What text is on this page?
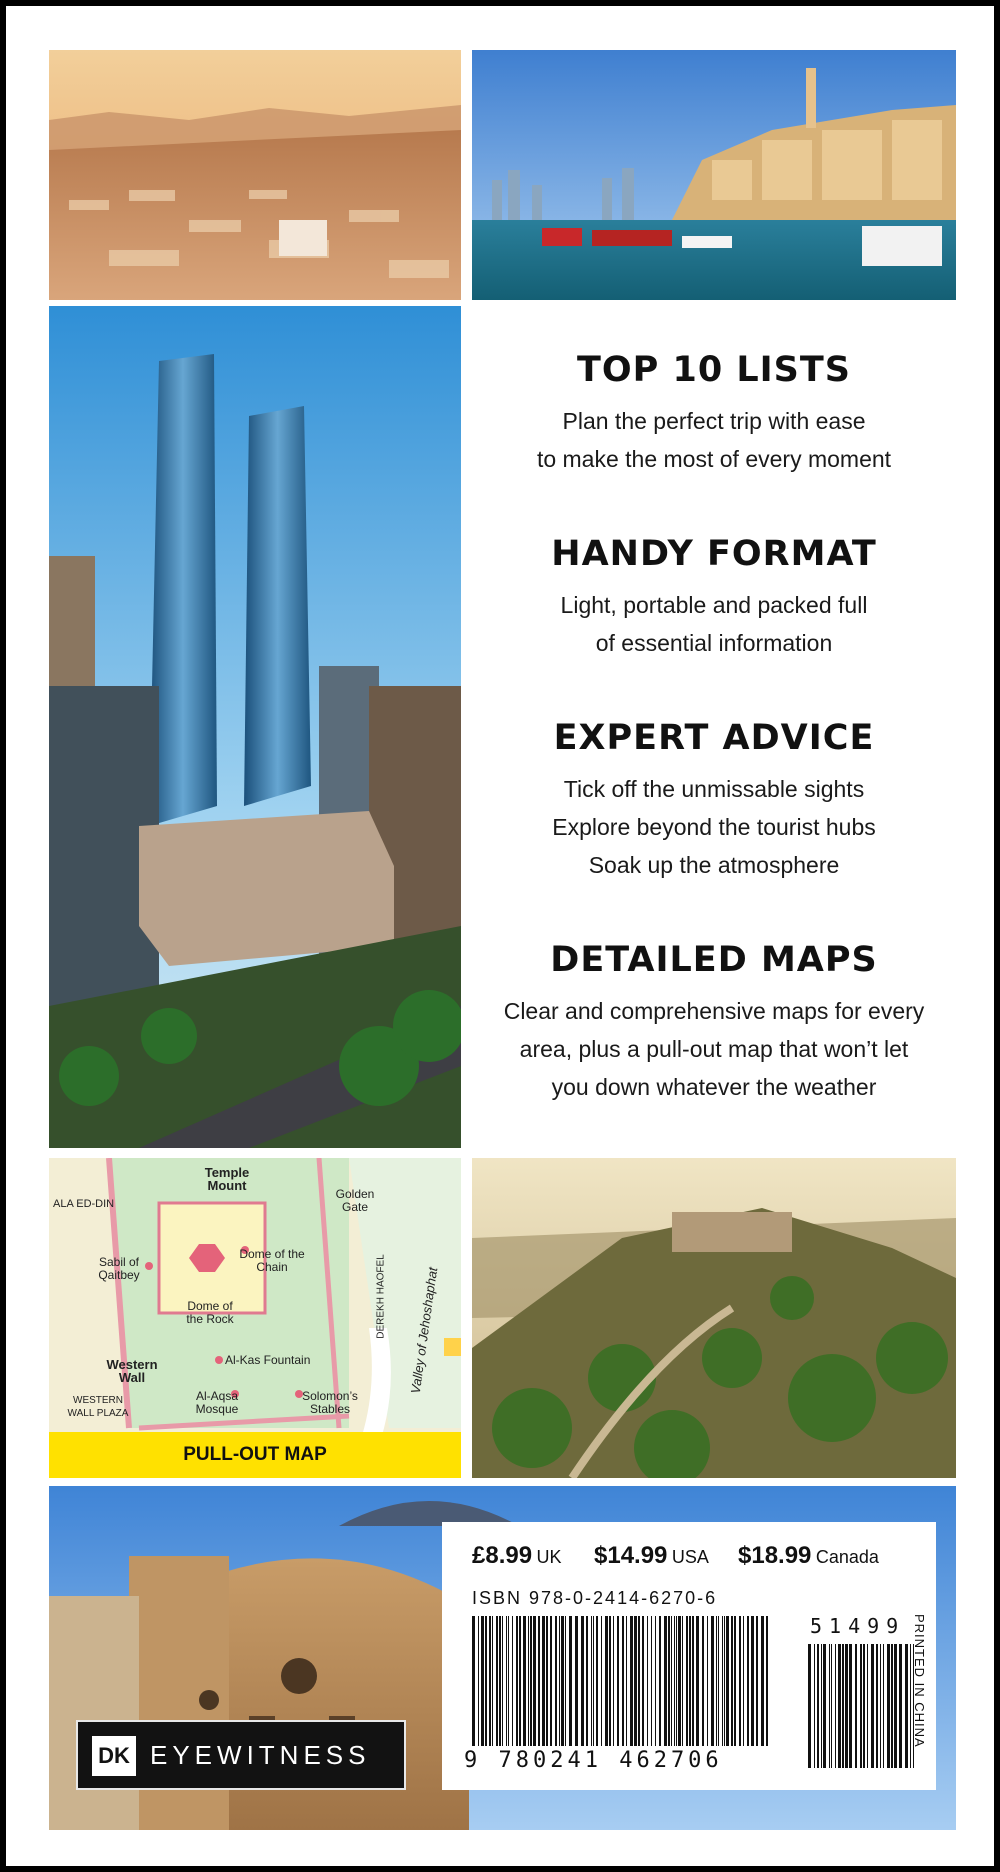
TOP 10 LISTS
Plan the perfect trip with ease
to make the most of every moment
HANDY FORMAT
Light, portable and packed full
of essential information
EXPERT ADVICE
Tick off the unmissable sights
Explore beyond the tourist hubs
Soak up the atmosphere
DETAILED MAPS
Clear and comprehensive maps for every
area, plus a pull-out map that won’t let
you down whatever the weather
Temple Mount
ALA ED-DIN
Golden Gate
Dome of the Chain
Sabil of Qaitbey
Dome of the Rock	DEREKH HAOFEL Valley of Jehoshaphat
Al-Kas Fountain
Western Wall
WESTERN WALL PLAZA
Al-Aqsa Mosque
Solomon’s Stables
PULL-OUT MAP
£8.99 UK $14.99 USA $18.99 Canada
ISBN 978-0-2414-6270-6
9 780241 462706
51499 PRINTED IN CHINA
DK EYEWITNESS
